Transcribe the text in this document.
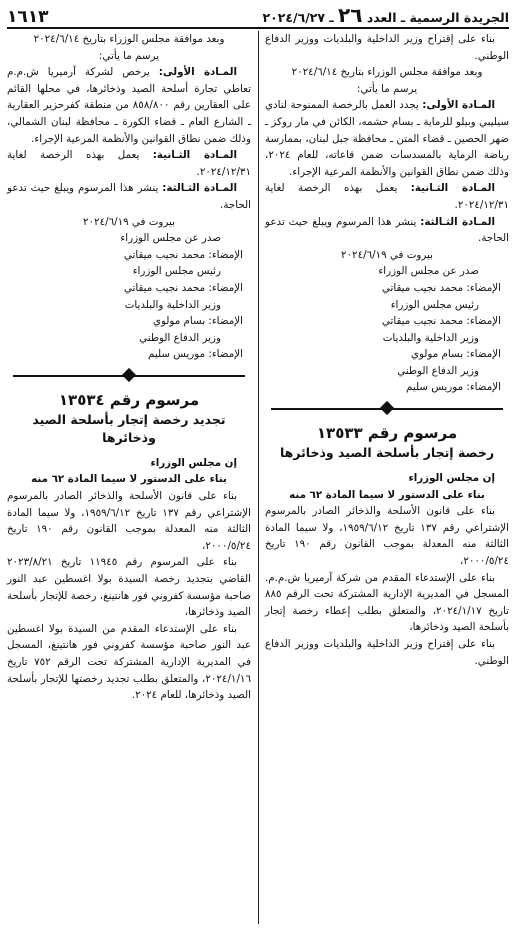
الجريدة الرسمية ـ العدد ٢٦ ـ ٢٠٢٤/٦/٢٧
١٦١٣

بناء على إقتراح وزير الداخلية والبلديات ووزير الدفاع الوطني.

وبعد موافقة مجلس الوزراء بتاريخ ٢٠٢٤/٦/١٤

يرسم ما يأتي:

المـادة الأولى: يجدد العمل بالرخصة الممنوحة لنادي سيليبي وبيلو للرماية ـ بسام حشمه، الكائن في مار روكز ـ ضهر الحصين ـ قضاء المتن ـ محافظة جبل لبنان، بممارسة رياضة الرماية بالمسدسات ضمن قاعاته، للعام ٢٠٢٤، وذلك ضمن نطاق القوانين والأنظمة المرعية الإجراء.

المـادة الثـانية: يعمل بهذه الرخصة لغاية ٢٠٢٤/١٢/٣١.

المـادة الثـالثة: ينشر هذا المرسوم ويبلغ حيث تدعو الحاجة.

بيروت في ٢٠٢٤/٦/١٩

صدر عن مجلس الوزراء

الإمضاء: محمد نجيب ميقاتي

رئيس مجلس الوزراء

الإمضاء: محمد نجيب ميقاتي

وزير الداخلية والبلديات

الإمضاء: بسام مولوي

وزير الدفاع الوطني

الإمضاء: موريس سليم

مرسوم رقم ١٣٥٣٣

رخصة إتجار بأسلحة الصيد وذخائرها

إن مجلس الوزراء

بناء على الدستور لا سيما المادة ٦٢ منه

بناء على قانون الأسلحة والذخائر الصادر بالمرسوم الإشتراعي رقم ١٣٧ تاريخ ١٩٥٩/٦/١٢، ولا سيما المادة الثالثة منه المعدلة بموجب القانون رقم ١٩٠ تاريخ ٢٠٠٠/٥/٢٤،

بناء على الإستدعاء المقدم من شركة آرميريا ش.م.م. المسجل في المديرية الإدارية المشتركة تحت الرقم ٨٨٥ تاريخ ٢٠٢٤/١/١٧، والمتعلق بطلب إعطاء رخصة إتجار بأسلحة الصيد وذخائرها،

بناء على إقتراح وزير الداخلية والبلديات ووزير الدفاع الوطني.

وبعد موافقة مجلس الوزراء بتاريخ ٢٠٢٤/٦/١٤

يرسم ما يأتي:

المـادة الأولى: يرخص لشركة آرميريا ش.م.م تعاطي تجارة أسلحة الصيد وذخائرها، في محلها القائم على العقارين رقم ٨٥٨/٨٠٠ من منطقة كفرحزير العقارية ـ الشارع العام ـ قضاء الكورة ـ محافظة لبنان الشمالي، وذلك ضمن نطاق القوانين والأنظمة المرعية الإجراء.

المـادة الثـانية: يعمل بهذه الرخصة لغاية ٢٠٢٤/١٢/٣١.

المـادة الثـالثة: ينشر هذا المرسوم ويبلغ حيث تدعو الحاجة.

بيروت في ٢٠٢٤/٦/١٩

صدر عن مجلس الوزراء

الإمضاء: محمد نجيب ميقاتي

رئيس مجلس الوزراء

الإمضاء: محمد نجيب ميقاتي

وزير الداخلية والبلديات

الإمضاء: بسام مولوي

وزير الدفاع الوطني

الإمضاء: موريس سليم

مرسوم رقم ١٣٥٣٤

تجديد رخصة إتجار بأسلحة الصيد وذخائرها

إن مجلس الوزراء

بناء على الدستور لا سيما المادة ٦٢ منه

بناء على قانون الأسلحة والذخائر الصادر بالمرسوم الإشتراعي رقم ١٣٧ تاريخ ١٩٥٩/٦/١٢، ولا سيما المادة الثالثة منه المعدلة بموجب القانون رقم ١٩٠ تاريخ ٢٠٠٠/٥/٢٤،

بناء على المرسوم رقم ١١٩٤٥ تاريخ ٢٠٢٣/٨/٢١ القاضي بتجديد رخصة السيدة بولا اغسطين عبد النور صاحبة مؤسسة كفروني فور هانتينغ، رخصة للإتجار بأسلحة الصيد وذخائرها،

بناء على الإستدعاء المقدم من السيدة بولا اغسطين عبد النور صاحبة مؤسسة كفروني فور هانتينغ، المسجل في المديرية الإدارية المشتركة تحت الرقم ٧٥٢ تاريخ ٢٠٢٤/١/١٦، والمتعلق بطلب تجديد رخصتها للإتجار بأسلحة الصيد وذخائرها، للعام ٢٠٢٤.
